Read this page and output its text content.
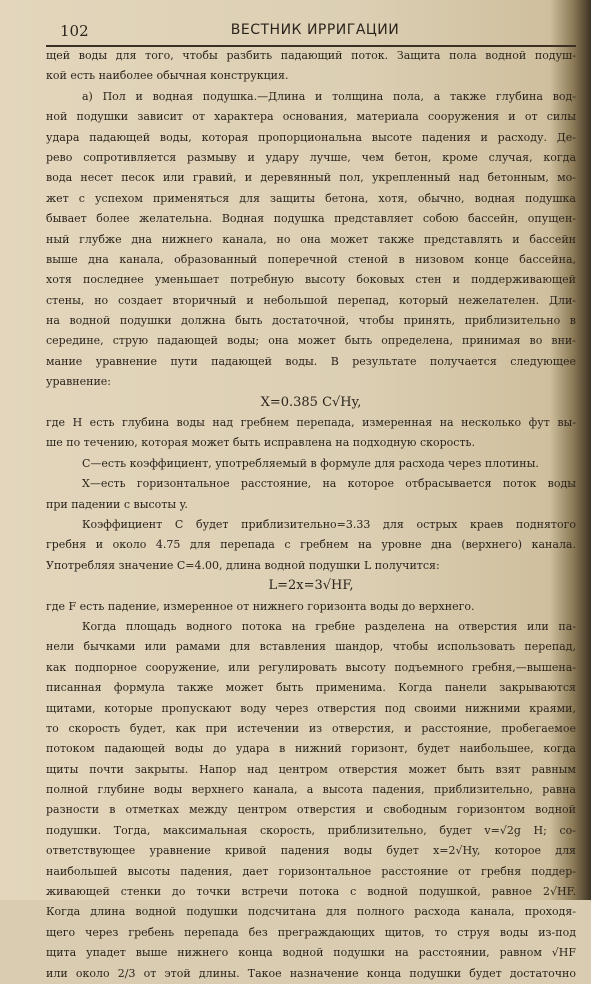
102	ВЕСТНИК ИРРИГАЦИИ
щей воды для того, чтобы разбить падающий поток. Защита пола водной подуш-
кой есть наиболее обычная конструкция.
а) Пол и водная подушка.—Длина и толщина пола, а также глубина вод-
ной подушки зависит от характера основания, материала сооружения и от силы
удара падающей воды, которая пропорциональна высоте падения и расходу. Де-
рево сопротивляется размыву и удару лучше, чем бетон, кроме случая, когда
вода несет песок или гравий, и деревянный пол, укрепленный над бетонным, мо-
жет с успехом применяться для защиты бетона, хотя, обычно, водная подушка
бывает более желательна. Водная подушка представляет собою бассейн, опущен-
ный глубже дна нижнего канала, но она может также представлять и бассейн
выше дна канала, образованный поперечной стеной в низовом конце бассейна,
хотя последнее уменьшает потребную высоту боковых стен и поддерживающей
стены, но создает вторичный и небольшой перепад, который нежелателен. Дли-
на водной подушки должна быть достаточной, чтобы принять, приблизительно в
середине, струю падающей воды; она может быть определена, принимая во вни-
мание уравнение пути падающей воды. В результате получается следующее
уравнение:
X=0.385 C√Hy,
где H есть глубина воды над гребнем перепада, измеренная на несколько фут вы-
ше по течению, которая может быть исправлена на подходную скорость.
C—есть коэффициент, употребляемый в формуле для расхода через плотины.
X—есть горизонтальное расстояние, на которое отбрасывается поток воды
при падении с высоты y.
Коэффициент C будет приблизительно=3.33 для острых краев поднятого
гребня и около 4.75 для перепада с гребнем на уровне дна (верхнего) канала.
Употребляя значение C=4.00, длина водной подушки L получится:
L=2x=3√HF,
где F есть падение, измеренное от нижнего горизонта воды до верхнего.
Когда площадь водного потока на гребне разделена на отверстия или па-
нели бычками или рамами для вставления шандор, чтобы использовать перепад,
как подпорное сооружение, или регулировать высоту подъемного гребня,—вышена-
писанная формула также может быть применима. Когда панели закрываются
щитами, которые пропускают воду через отверстия под своими нижними краями,
то скорость будет, как при истечении из отверстия, и расстояние, пробегаемое
потоком падающей воды до удара в нижний горизонт, будет наибольшее, когда
щиты почти закрыты. Напор над центром отверстия может быть взят равным
полной глубине воды верхнего канала, а высота падения, приблизительно, равна
разности в отметках между центром отверстия и свободным горизонтом водной
подушки. Тогда, максимальная скорость, приблизительно, будет v=√2g H; со-
ответствующее уравнение кривой падения воды будет x=2√Hy, которое для
наибольшей высоты падения, дает горизонтальное расстояние от гребня поддер-
живающей стенки до точки встречи потока с водной подушкой, равное 2√HF.
Когда длина водной подушки подсчитана для полного расхода канала, проходя-
щего через гребень перепада без преграждающих щитов, то струя воды из-под
щита упадет выше нижнего конца водной подушки на расстоянии, равном √HF
или около 2/3 от этой длины. Такое назначение конца подушки будет достаточно
